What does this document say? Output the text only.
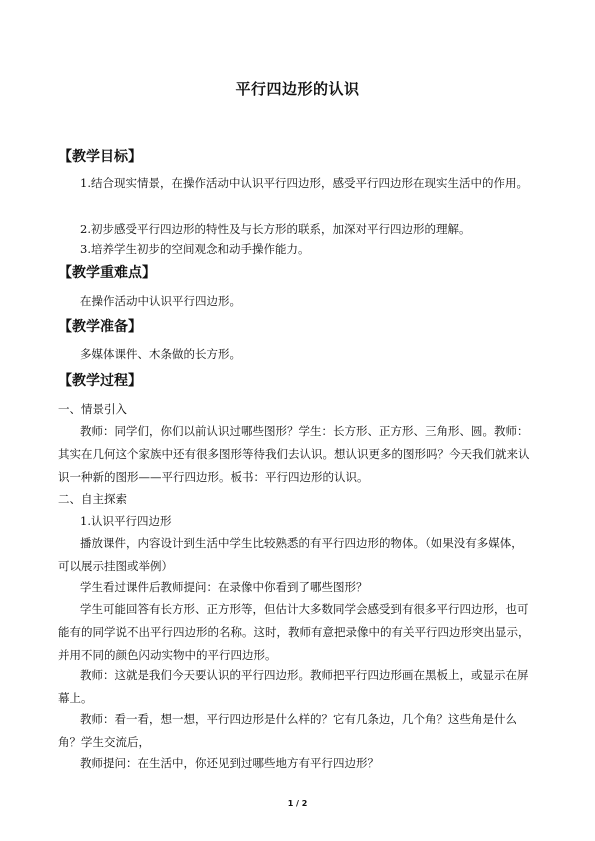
平行四边形的认识
【教学目标】
1.结合现实情景，在操作活动中认识平行四边形，感受平行四边形在现实生活中的作用。
2.初步感受平行四边形的特性及与长方形的联系，加深对平行四边形的理解。
3.培养学生初步的空间观念和动手操作能力。
【教学重难点】
在操作活动中认识平行四边形。
【教学准备】
多媒体课件、木条做的长方形。
【教学过程】
一、情景引入
教师：同学们，你们以前认识过哪些图形？学生：长方形、正方形、三角形、圆。教师：其实在几何这个家族中还有很多图形等待我们去认识。想认识更多的图形吗？今天我们就来认识一种新的图形——平行四边形。板书：平行四边形的认识。
二、自主探索
1.认识平行四边形
播放课件，内容设计到生活中学生比较熟悉的有平行四边形的物体。（如果没有多媒体，可以展示挂图或举例）
学生看过课件后教师提问：在录像中你看到了哪些图形？
学生可能回答有长方形、正方形等，但估计大多数同学会感受到有很多平行四边形，也可能有的同学说不出平行四边形的名称。这时，教师有意把录像中的有关平行四边形突出显示，并用不同的颜色闪动实物中的平行四边形。
教师：这就是我们今天要认识的平行四边形。教师把平行四边形画在黑板上，或显示在屏幕上。
教师：看一看，想一想，平行四边形是什么样的？它有几条边，几个角？这些角是什么角？学生交流后，
教师提问：在生活中，你还见到过哪些地方有平行四边形？
1 / 2
